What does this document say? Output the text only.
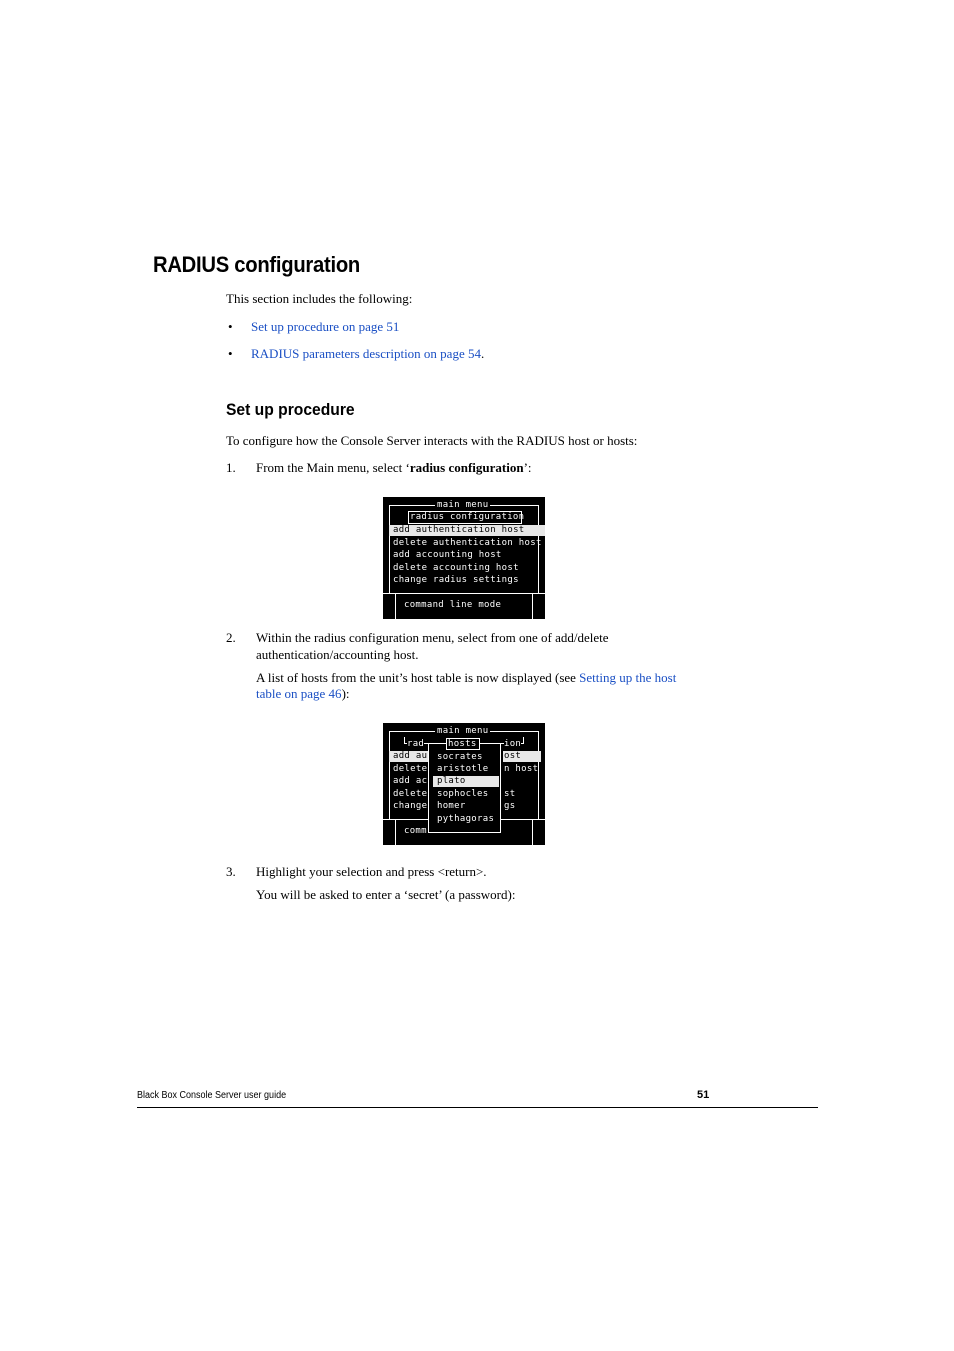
RADIUS configuration
This section includes the following:
• Set up procedure on page 51
• RADIUS parameters description on page 54.
Set up procedure
To configure how the Console Server interacts with the RADIUS host or hosts:
1. From the Main menu, select ‘radius configuration’:
main menu
radius configuration
add authentication host
delete authentication host
add accounting host
delete accounting host
change radius settings
command line mode
2. Within the radius configuration menu, select from one of add/delete
authentication/accounting host.
A list of hosts from the unit’s host table is now displayed (see Setting up the host
table on page 46):
main menu
rad	ion
add au
delete
add ac
delete
change
ost
n host
st
gs
comm
hosts
socrates
aristotle
plato
sophocles
homer
pythagoras
3. Highlight your selection and press <return>.
You will be asked to enter a ‘secret’ (a password):
Black Box Console Server user guide	51
